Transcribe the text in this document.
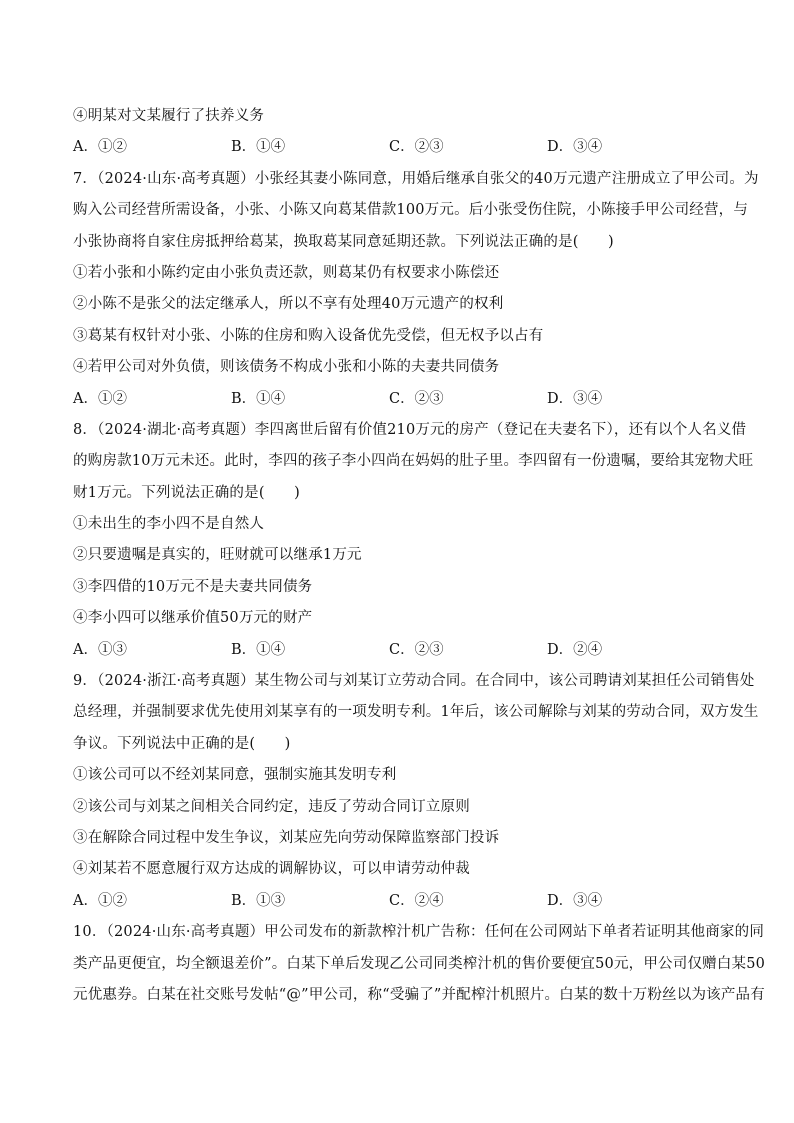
④明某对文某履行了扶养义务
A．①②	B．①④	C．②③	D．③④
7．（2024·山东·高考真题）小张经其妻小陈同意，用婚后继承自张父的40万元遗产注册成立了甲公司。为
购入公司经营所需设备，小张、小陈又向葛某借款100万元。后小张受伤住院，小陈接手甲公司经营，与
小张协商将自家住房抵押给葛某，换取葛某同意延期还款。下列说法正确的是(　　)
①若小张和小陈约定由小张负责还款，则葛某仍有权要求小陈偿还
②小陈不是张父的法定继承人，所以不享有处理40万元遗产的权利
③葛某有权针对小张、小陈的住房和购入设备优先受偿，但无权予以占有
④若甲公司对外负债，则该债务不构成小张和小陈的夫妻共同债务
A．①②	B．①④	C．②③	D．③④
8．（2024·湖北·高考真题）李四离世后留有价值210万元的房产（登记在夫妻名下），还有以个人名义借
的购房款10万元未还。此时，李四的孩子李小四尚在妈妈的肚子里。李四留有一份遗嘱，要给其宠物犬旺
财1万元。下列说法正确的是(　　)
①未出生的李小四不是自然人
②只要遗嘱是真实的，旺财就可以继承1万元
③李四借的10万元不是夫妻共同债务
④李小四可以继承价值50万元的财产
A．①③	B．①④	C．②③	D．②④
9．（2024·浙江·高考真题）某生物公司与刘某订立劳动合同。在合同中，该公司聘请刘某担任公司销售处
总经理，并强制要求优先使用刘某享有的一项发明专利。1年后，该公司解除与刘某的劳动合同，双方发生
争议。下列说法中正确的是(　　)
①该公司可以不经刘某同意，强制实施其发明专利
②该公司与刘某之间相关合同约定，违反了劳动合同订立原则
③在解除合同过程中发生争议，刘某应先向劳动保障监察部门投诉
④刘某若不愿意履行双方达成的调解协议，可以申请劳动仲裁
A．①②	B．①③	C．②④	D．③④
10．（2024·山东·高考真题）甲公司发布的新款榨汁机广告称：任何在公司网站下单者若证明其他商家的同
类产品更便宜，均全额退差价”。白某下单后发现乙公司同类榨汁机的售价要便宜50元，甲公司仅赠白某50
元优惠券。白某在社交账号发帖“@”甲公司，称“受骗了”并配榨汁机照片。白某的数十万粉丝以为该产品有
